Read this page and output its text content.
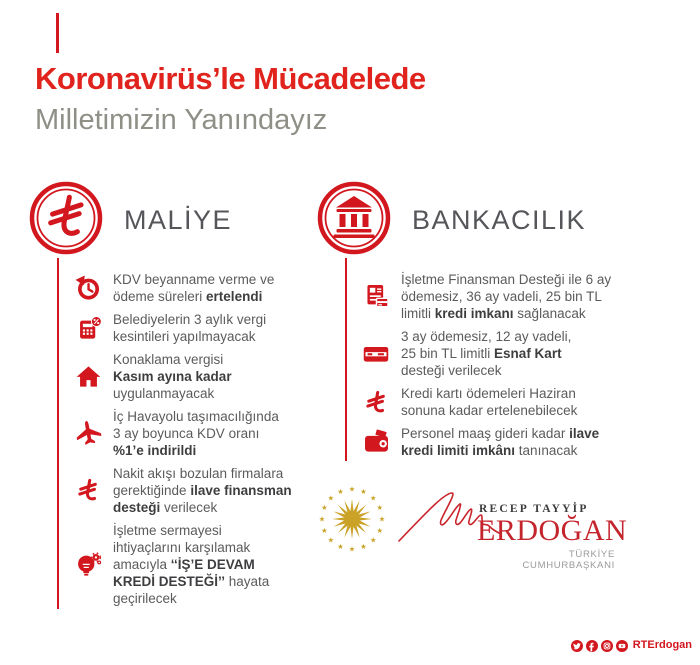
Koronavirüs’le Mücadelede
Milletimizin Yanındayız
MALİYE	BANKACILIK

KDV beyanname verme ve
ödeme süreleri ertelendi

Belediyelerin 3 aylık vergi
kesintileri yapılmayacak

Konaklama vergisi
Kasım ayına kadar
uygulanmayacak

İç Havayolu taşımacılığında
3 ay boyunca KDV oranı
%1’e indirildi

Nakit akışı bozulan firmalara
gerektiğinde ilave finansman
desteği verilecek

İşletme sermayesi
ihtiyaçlarını karşılamak
amacıyla ‘‘İŞ’E DEVAM
KREDİ DESTEĞİ’’ hayata
geçirilecek

İşletme Finansman Desteği ile 6 ay
ödemesiz, 36 ay vadeli, 25 bin TL
limitli kredi imkanı sağlanacak

3 ay ödemesiz, 12 ay vadeli,
25 bin TL limitli Esnaf Kart
desteği verilecek

Kredi kartı ödemeleri Haziran
sonuna kadar ertelenebilecek

Personel maaş gideri kadar ilave
kredi limiti imkânı tanınacak

★
★
★
★
★
★
★
★
★
★
★
★ ★ ★
★
★	RECEP TAYYİP

ERDOĞAN

TÜRKİYE CUMHURBAŞKANI

RTErdogan
